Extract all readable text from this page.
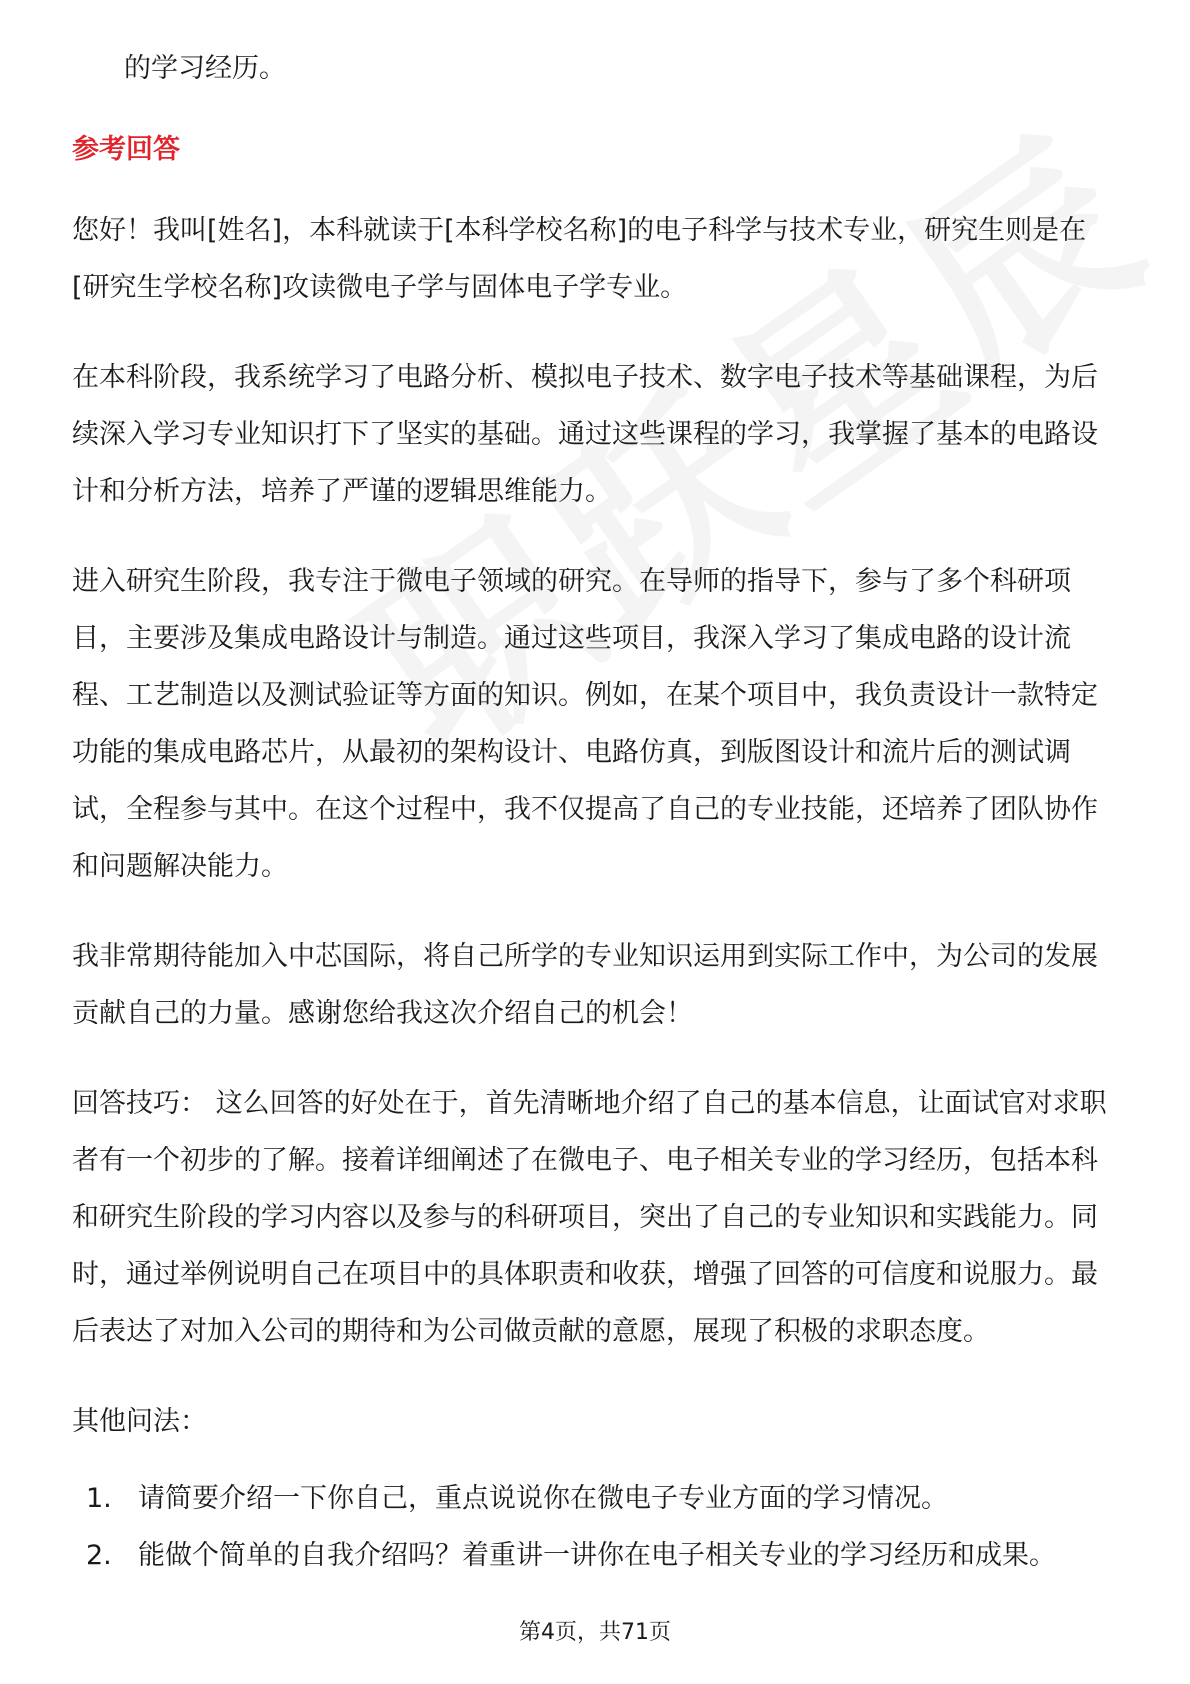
的学习经历。

参考回答

您好！我叫[姓名]，本科就读于[本科学校名称]的电子科学与技术专业，研究生则是在[研究生学校名称]攻读微电子学与固体电子学专业。

在本科阶段，我系统学习了电路分析、模拟电子技术、数字电子技术等基础课程，为后续深入学习专业知识打下了坚实的基础。通过这些课程的学习，我掌握了基本的电路设计和分析方法，培养了严谨的逻辑思维能力。

进入研究生阶段，我专注于微电子领域的研究。在导师的指导下，参与了多个科研项目，主要涉及集成电路设计与制造。通过这些项目，我深入学习了集成电路的设计流程、工艺制造以及测试验证等方面的知识。例如，在某个项目中，我负责设计一款特定功能的集成电路芯片，从最初的架构设计、电路仿真，到版图设计和流片后的测试调试，全程参与其中。在这个过程中，我不仅提高了自己的专业技能，还培养了团队协作和问题解决能力。

我非常期待能加入中芯国际，将自己所学的专业知识运用到实际工作中，为公司的发展贡献自己的力量。感谢您给我这次介绍自己的机会！

回答技巧： 这么回答的好处在于，首先清晰地介绍了自己的基本信息，让面试官对求职者有一个初步的了解。接着详细阐述了在微电子、电子相关专业的学习经历，包括本科和研究生阶段的学习内容以及参与的科研项目，突出了自己的专业知识和实践能力。同时，通过举例说明自己在项目中的具体职责和收获，增强了回答的可信度和说服力。最后表达了对加入公司的期待和为公司做贡献的意愿，展现了积极的求职态度。

其他问法：

1. 请简要介绍一下你自己，重点说说你在微电子专业方面的学习情况。
2. 能做个简单的自我介绍吗？着重讲一讲你在电子相关专业的学习经历和成果。
第4页，共71页
